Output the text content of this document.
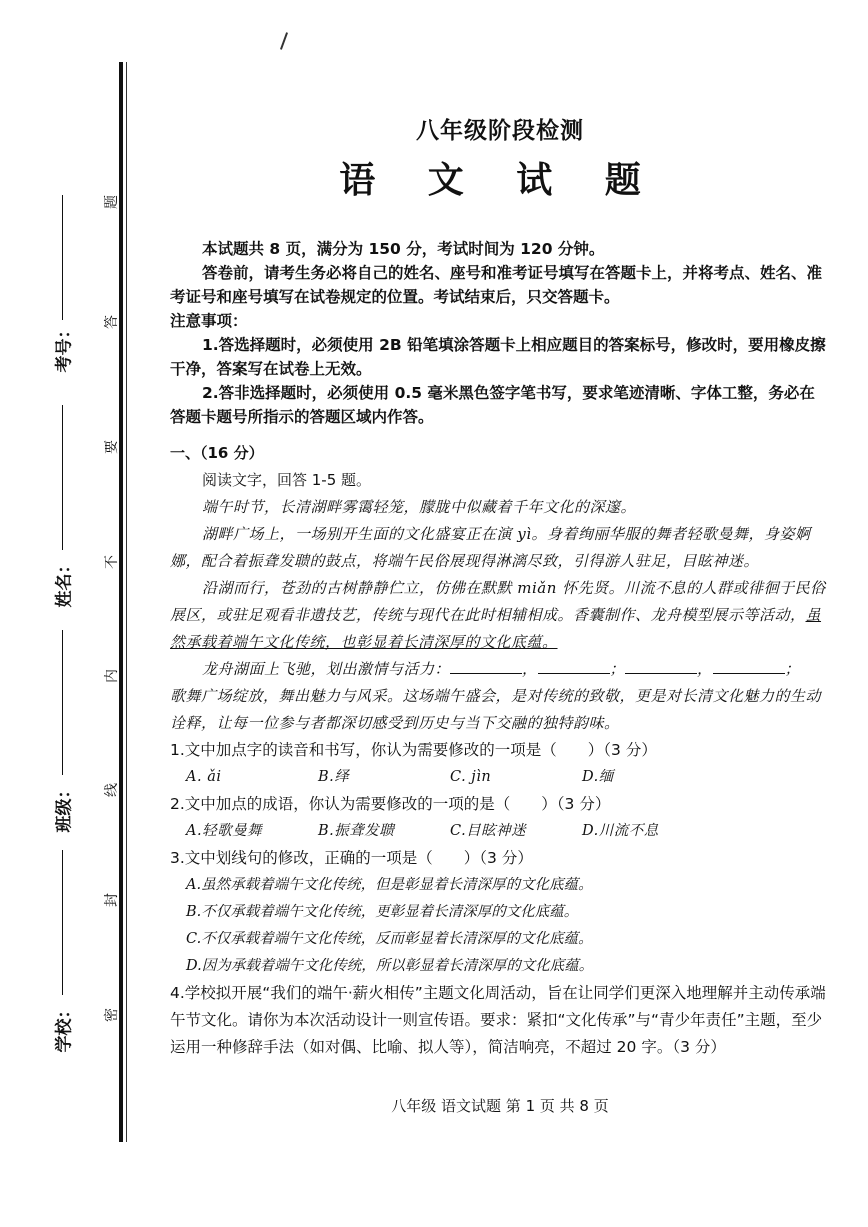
考号：
姓名：
班级：
学校：
题
答
要
不
内
线
封
密
八年级阶段检测
语 文 试 题

本试题共 8 页，满分为 150 分，考试时间为 120 分钟。

答卷前，请考生务必将自己的姓名、座号和准考证号填写在答题卡上，并将考点、姓名、准考证号和座号填写在试卷规定的位置。考试结束后，只交答题卡。

注意事项：

1.答选择题时，必须使用 2B 铅笔填涂答题卡上相应题目的答案标号，修改时，要用橡皮擦干净，答案写在试卷上无效。

2.答非选择题时，必须使用 0.5 毫米黑色签字笔书写，要求笔迹清晰、字体工整，务必在答题卡题号所指示的答题区域内作答。

一、（16 分）

阅读文字，回答 1-5 题。

端午时节，长清湖畔雾霭轻笼，朦胧中似藏着千年文化的深邃。

湖畔广场上，一场别开生面的文化盛宴正在演 yì。身着绚丽华服的舞者轻歌曼舞，身姿婀娜，配合着振聋发聩的鼓点，将端午民俗展现得淋漓尽致，引得游人驻足，目眩神迷。

沿湖而行，苍劲的古树静静伫立，仿佛在默默 miǎn 怀先贤。川流不息的人群或徘徊于民俗展区，或驻足观看非遗技艺，传统与现代在此时相辅相成。香囊制作、龙舟模型展示等活动，虽然承载着端午文化传统，也彰显着长清深厚的文化底蕴。

龙舟湖面上飞驰，划出激情与活力：	，	；	，	；

歌舞广场绽放，舞出魅力与风采。这场端午盛会，是对传统的致敬，更是对长清文化魅力的生动诠释，让每一位参与者都深切感受到历史与当下交融的独特韵味。

1.文中加点字的读音和书写，你认为需要修改的一项是（　　）（3 分）

A. ǎi	B.绎	C. jìn	D.缅

2.文中加点的成语，你认为需要修改的一项的是（　　）（3 分）

A.轻歌曼舞	B.振聋发聩	C.目眩神迷	D.川流不息

3.文中划线句的修改，正确的一项是（　　）（3 分）

A.虽然承载着端午文化传统，但是彰显着长清深厚的文化底蕴。

B.不仅承载着端午文化传统，更彰显着长清深厚的文化底蕴。

C.不仅承载着端午文化传统，反而彰显着长清深厚的文化底蕴。

D.因为承载着端午文化传统，所以彰显着长清深厚的文化底蕴。

4.学校拟开展“我们的端午·薪火相传”主题文化周活动，旨在让同学们更深入地理解并主动传承端午节文化。请你为本次活动设计一则宣传语。要求：紧扣“文化传承”与“青少年责任”主题，至少运用一种修辞手法（如对偶、比喻、拟人等），简洁响亮，不超过 20 字。（3 分）

八年级 语文试题 第 1 页 共 8 页
